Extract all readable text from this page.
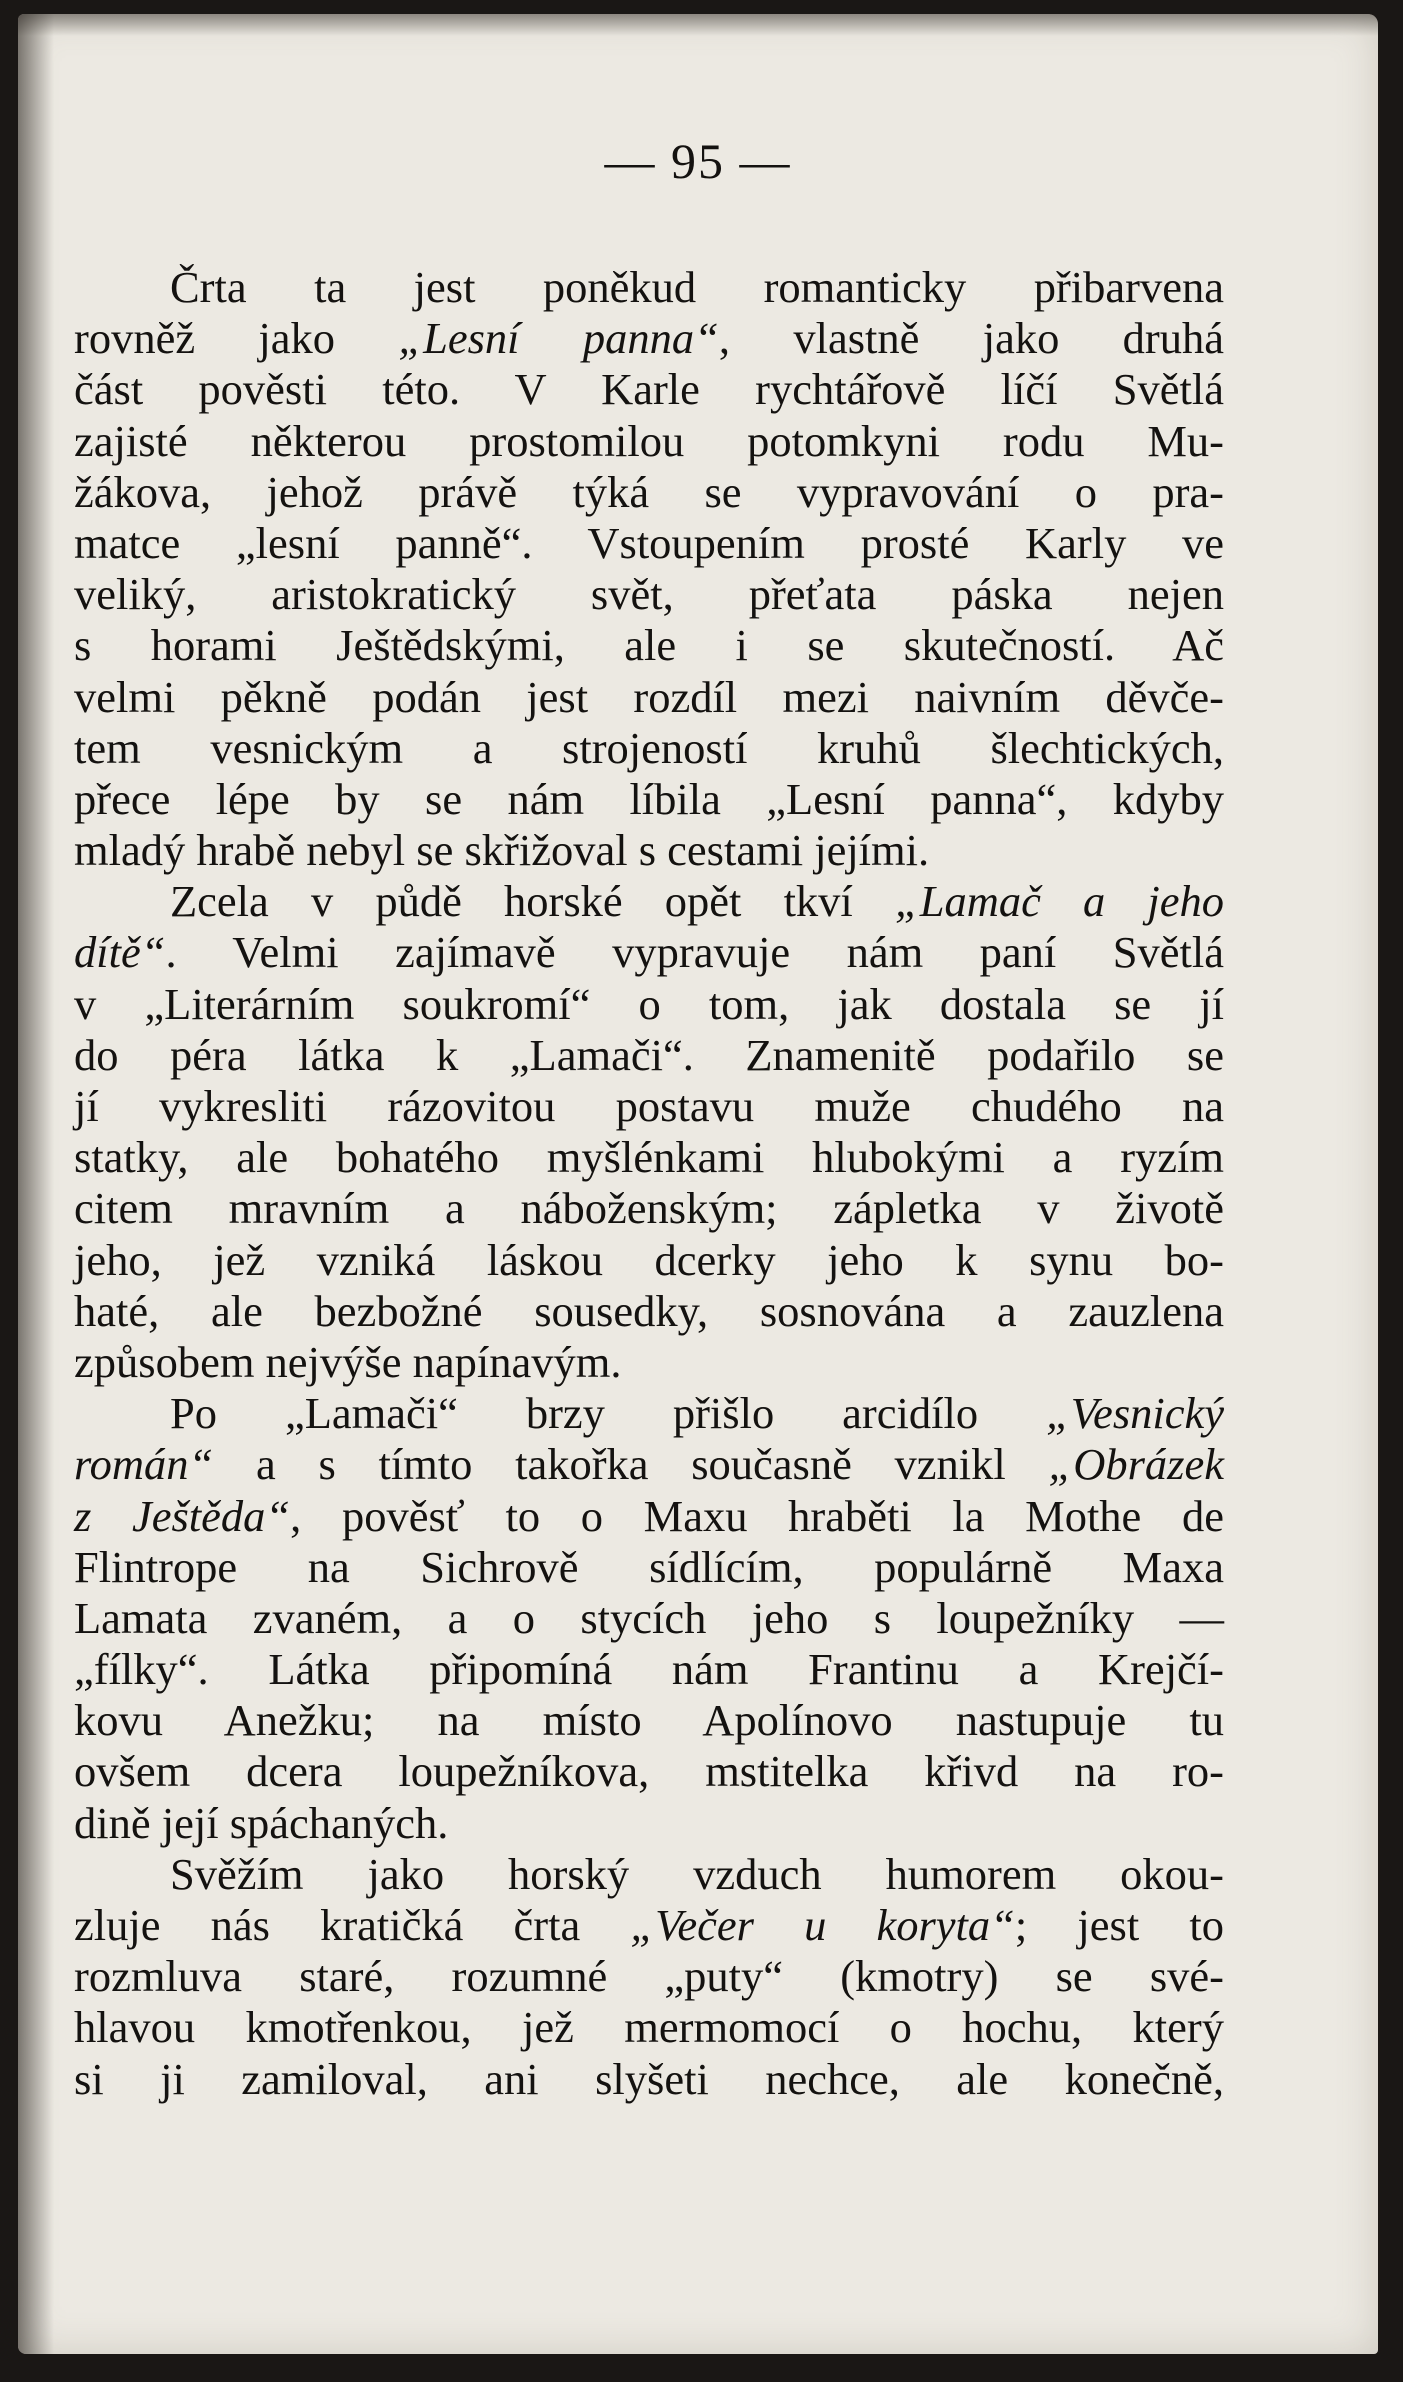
— 95 —
Črta ta jest poněkud romanticky přibarvena
rovněž jako „Lesní panna“, vlastně jako druhá
část pověsti této. V Karle rychtářově líčí Světlá
zajisté některou prostomilou potomkyni rodu Mu-
žákova, jehož právě týká se vypravování o pra-
matce „lesní panně“. Vstoupením prosté Karly ve
veliký, aristokratický svět, přeťata páska nejen
s horami Ještědskými, ale i se skutečností. Ač
velmi pěkně podán jest rozdíl mezi naivním děvče-
tem vesnickým a strojeností kruhů šlechtických,
přece lépe by se nám líbila „Lesní panna“, kdyby
mladý hrabě nebyl se skřižoval s cestami jejími.
Zcela v půdě horské opět tkví „Lamač a jeho
dítě“. Velmi zajímavě vypravuje nám paní Světlá
v „Literárním soukromí“ o tom, jak dostala se jí
do péra látka k „Lamači“. Znamenitě podařilo se
jí vykresliti rázovitou postavu muže chudého na
statky, ale bohatého myšlénkami hlubokými a ryzím
citem mravním a náboženským; zápletka v životě
jeho, jež vzniká láskou dcerky jeho k synu bo-
haté, ale bezbožné sousedky, sosnována a zauzlena
způsobem nejvýše napínavým.
Po „Lamači“ brzy přišlo arcidílo „Vesnický
román“ a s tímto takořka současně vznikl „Obrázek
z Ještěda“, pověsť to o Maxu hraběti la Mothe de
Flintrope na Sichrově sídlícím, populárně Maxa
Lamata zvaném, a o stycích jeho s loupežníky —
„fílky“. Látka připomíná nám Frantinu a Krejčí-
kovu Anežku; na místo Apolínovo nastupuje tu
ovšem dcera loupežníkova, mstitelka křivd na ro-
dině její spáchaných.
Svěžím jako horský vzduch humorem okou-
zluje nás kratičká črta „Večer u koryta“; jest to
rozmluva staré, rozumné „puty“ (kmotry) se své-
hlavou kmotřenkou, jež mermomocí o hochu, který
si ji zamiloval, ani slyšeti nechce, ale konečně,
